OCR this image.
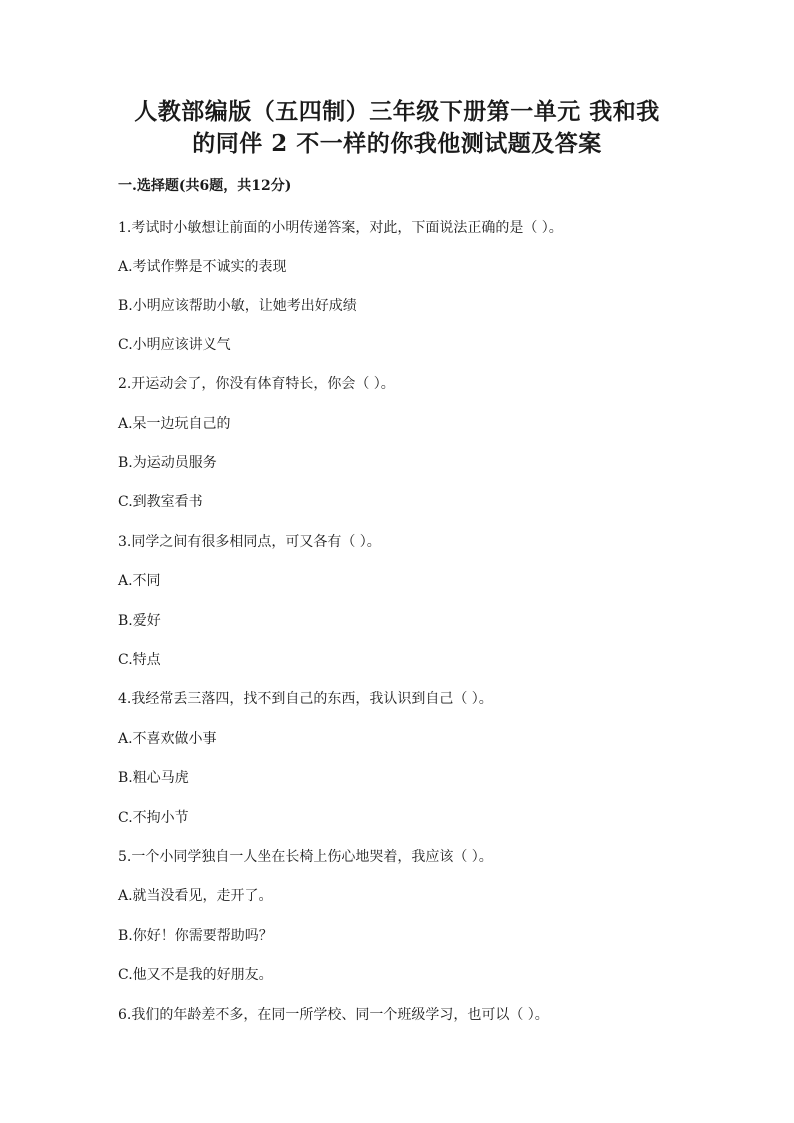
人教部编版（五四制）三年级下册第一单元 我和我
的同伴 2 不一样的你我他测试题及答案
一.选择题(共6题，共12分)
1.考试时小敏想让前面的小明传递答案，对此，下面说法正确的是（ ）。
A.考试作弊是不诚实的表现
B.小明应该帮助小敏，让她考出好成绩
C.小明应该讲义气
2.开运动会了，你没有体育特长，你会（ ）。
A.呆一边玩自己的
B.为运动员服务
C.到教室看书
3.同学之间有很多相同点，可又各有（ ）。
A.不同
B.爱好
C.特点
4.我经常丢三落四，找不到自己的东西，我认识到自己（ ）。
A.不喜欢做小事
B.粗心马虎
C.不拘小节
5.一个小同学独自一人坐在长椅上伤心地哭着，我应该（ ）。
A.就当没看见，走开了。
B.你好！你需要帮助吗？
C.他又不是我的好朋友。
6.我们的年龄差不多，在同一所学校、同一个班级学习，也可以（ ）。
